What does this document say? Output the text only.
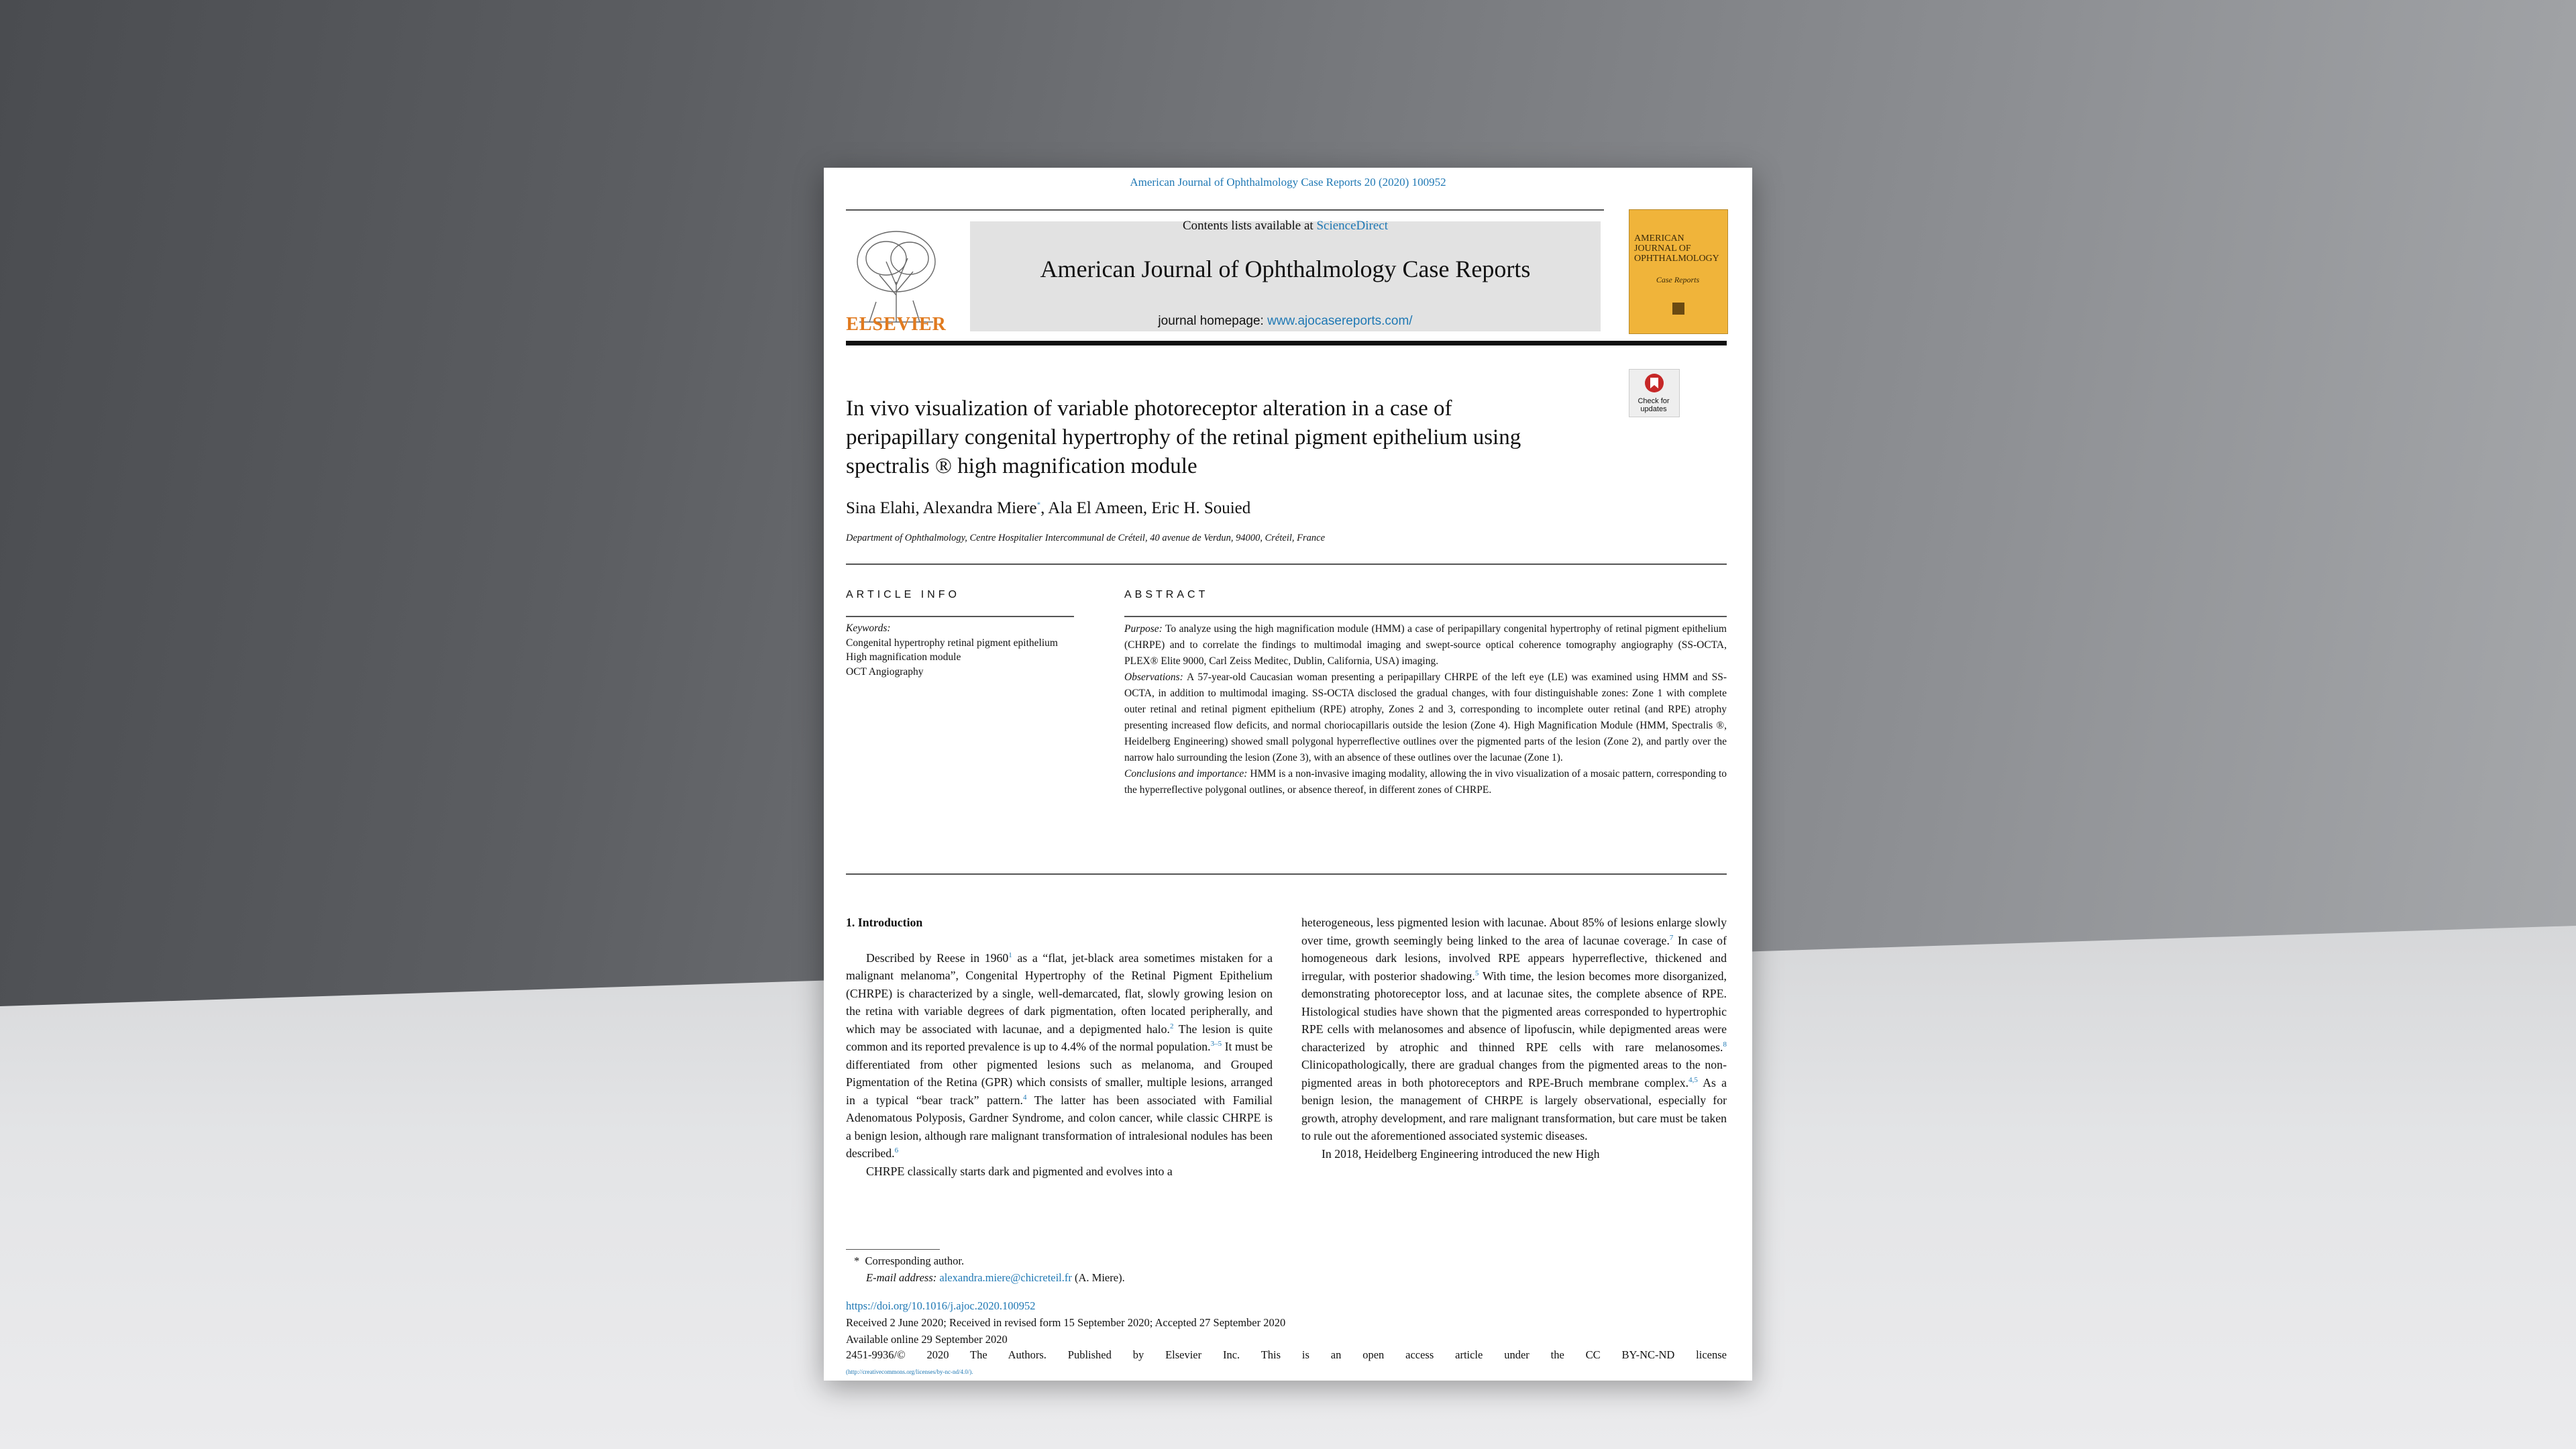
American Journal of Ophthalmology Case Reports 20 (2020) 100952
Contents lists available at ScienceDirect
American Journal of Ophthalmology Case Reports
journal homepage: www.ajocasereports.com/
ELSEVIER
AMERICAN JOURNAL OF OPHTHALMOLOGY
Case Reports
In vivo visualization of variable photoreceptor alteration in a case of peripapillary congenital hypertrophy of the retinal pigment epithelium using spectralis ® high magnification module
Check for updates
Sina Elahi, Alexandra Miere*, Ala El Ameen, Eric H. Souied
Department of Ophthalmology, Centre Hospitalier Intercommunal de Créteil, 40 avenue de Verdun, 94000, Créteil, France
ARTICLE INFO	ABSTRACT
Keywords:
Congenital hypertrophy retinal pigment epithelium
High magnification module
OCT Angiography
Purpose: To analyze using the high magnification module (HMM) a case of peripapillary congenital hypertrophy of retinal pigment epithelium (CHRPE) and to correlate the findings to multimodal imaging and swept-source optical coherence tomography angiography (SS-OCTA, PLEX® Elite 9000, Carl Zeiss Meditec, Dublin, California, USA) imaging.
Observations: A 57-year-old Caucasian woman presenting a peripapillary CHRPE of the left eye (LE) was examined using HMM and SS-OCTA, in addition to multimodal imaging. SS-OCTA disclosed the gradual changes, with four distinguishable zones: Zone 1 with complete outer retinal and retinal pigment epithelium (RPE) atrophy, Zones 2 and 3, corresponding to incomplete outer retinal (and RPE) atrophy presenting increased flow deficits, and normal choriocapillaris outside the lesion (Zone 4). High Magnification Module (HMM, Spectralis ®, Heidelberg Engineering) showed small polygonal hyperreflective outlines over the pigmented parts of the lesion (Zone 2), and partly over the narrow halo surrounding the lesion (Zone 3), with an absence of these outlines over the lacunae (Zone 1).
Conclusions and importance: HMM is a non-invasive imaging modality, allowing the in vivo visualization of a mosaic pattern, corresponding to the hyperreflective polygonal outlines, or absence thereof, in different zones of CHRPE.
1. Introduction

Described by Reese in 1960$^1$ as a “flat, jet-black area sometimes mistaken for a malignant melanoma”, Congenital Hypertrophy of the Retinal Pigment Epithelium (CHRPE) is characterized by a single, well-demarcated, flat, slowly growing lesion on the retina with variable degrees of dark pigmentation, often located peripherally, and which may be associated with lacunae, and a depigmented halo.$^2$ The lesion is quite common and its reported prevalence is up to 4.4% of the normal population.$^{3-5}$ It must be differentiated from other pigmented lesions such as melanoma, and Grouped Pigmentation of the Retina (GPR) which consists of smaller, multiple lesions, arranged in a typical “bear track” pattern.$^4$ The latter has been associated with Familial Adenomatous Polyposis, Gardner Syndrome, and colon cancer, while classic CHRPE is a benign lesion, although rare malignant transformation of intralesional nodules has been described.$^6$

CHRPE classically starts dark and pigmented and evolves into a

heterogeneous, less pigmented lesion with lacunae. About 85% of lesions enlarge slowly over time, growth seemingly being linked to the area of lacunae coverage.$^7$ In case of homogeneous dark lesions, involved RPE appears hyperreflective, thickened and irregular, with posterior shadowing.$^5$ With time, the lesion becomes more disorganized, demonstrating photoreceptor loss, and at lacunae sites, the complete absence of RPE. Histological studies have shown that the pigmented areas corresponded to hypertrophic RPE cells with melanosomes and absence of lipofuscin, while depigmented areas were characterized by atrophic and thinned RPE cells with rare melanosomes.$^8$ Clinicopathologically, there are gradual changes from the pigmented areas to the non-pigmented areas in both photoreceptors and RPE-Bruch membrane complex.$^{4,5}$ As a benign lesion, the management of CHRPE is largely observational, especially for growth, atrophy development, and rare malignant transformation, but care must be taken to rule out the aforementioned associated systemic diseases.

In 2018, Heidelberg Engineering introduced the new High

* Corresponding author.
E-mail address: alexandra.miere@chicreteil.fr (A. Miere).
https://doi.org/10.1016/j.ajoc.2020.100952
Received 2 June 2020; Received in revised form 15 September 2020; Accepted 27 September 2020
Available online 29 September 2020
2451-9936/© 2020 The Authors. Published by Elsevier Inc. This is an open access article under the CC BY-NC-ND license
(http://creativecommons.org/licenses/by-nc-nd/4.0/).
